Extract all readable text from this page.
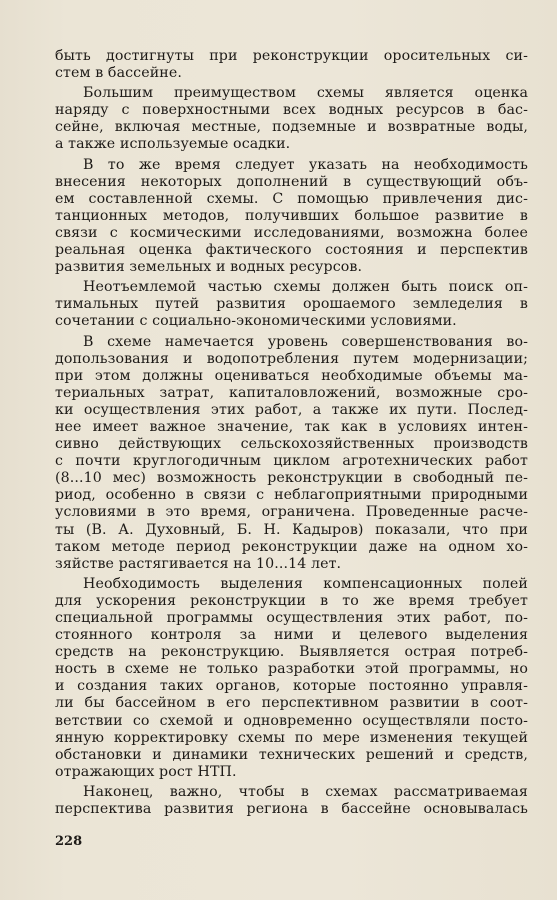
быть достигнуты при реконструкции оросительных си-
стем в бассейне.
Большим преимуществом схемы является оценка
наряду с поверхностными всех водных ресурсов в бас-
сейне, включая местные, подземные и возвратные воды,
а также используемые осадки.
В то же время следует указать на необходимость
внесения некоторых дополнений в существующий объ-
ем составленной схемы. С помощью привлечения дис-
танционных методов, получивших большое развитие в
связи с космическими исследованиями, возможна более
реальная оценка фактического состояния и перспектив
развития земельных и водных ресурсов.
Неотъемлемой частью схемы должен быть поиск оп-
тимальных путей развития орошаемого земледелия в
сочетании с социально-экономическими условиями.
В схеме намечается уровень совершенствования во-
допользования и водопотребления путем модернизации;
при этом должны оцениваться необходимые объемы ма-
териальных затрат, капиталовложений, возможные сро-
ки осуществления этих работ, а также их пути. Послед-
нее имеет важное значение, так как в условиях интен-
сивно действующих сельскохозяйственных производств
с почти круглогодичным циклом агротехнических работ
(8...10 мес) возможность реконструкции в свободный пе-
риод, особенно в связи с неблагоприятными природными
условиями в это время, ограничена. Проведенные расче-
ты (В. А. Духовный, Б. Н. Кадыров) показали, что при
таком методе период реконструкции даже на одном хо-
зяйстве растягивается на 10...14 лет.
Необходимость выделения компенсационных полей
для ускорения реконструкции в то же время требует
специальной программы осуществления этих работ, по-
стоянного контроля за ними и целевого выделения
средств на реконструкцию. Выявляется острая потреб-
ность в схеме не только разработки этой программы, но
и создания таких органов, которые постоянно управля-
ли бы бассейном в его перспективном развитии в соот-
ветствии со схемой и одновременно осуществляли посто-
янную корректировку схемы по мере изменения текущей
обстановки и динамики технических решений и средств,
отражающих рост НТП.
Наконец, важно, чтобы в схемах рассматриваемая
перспектива развития региона в бассейне основывалась
228
